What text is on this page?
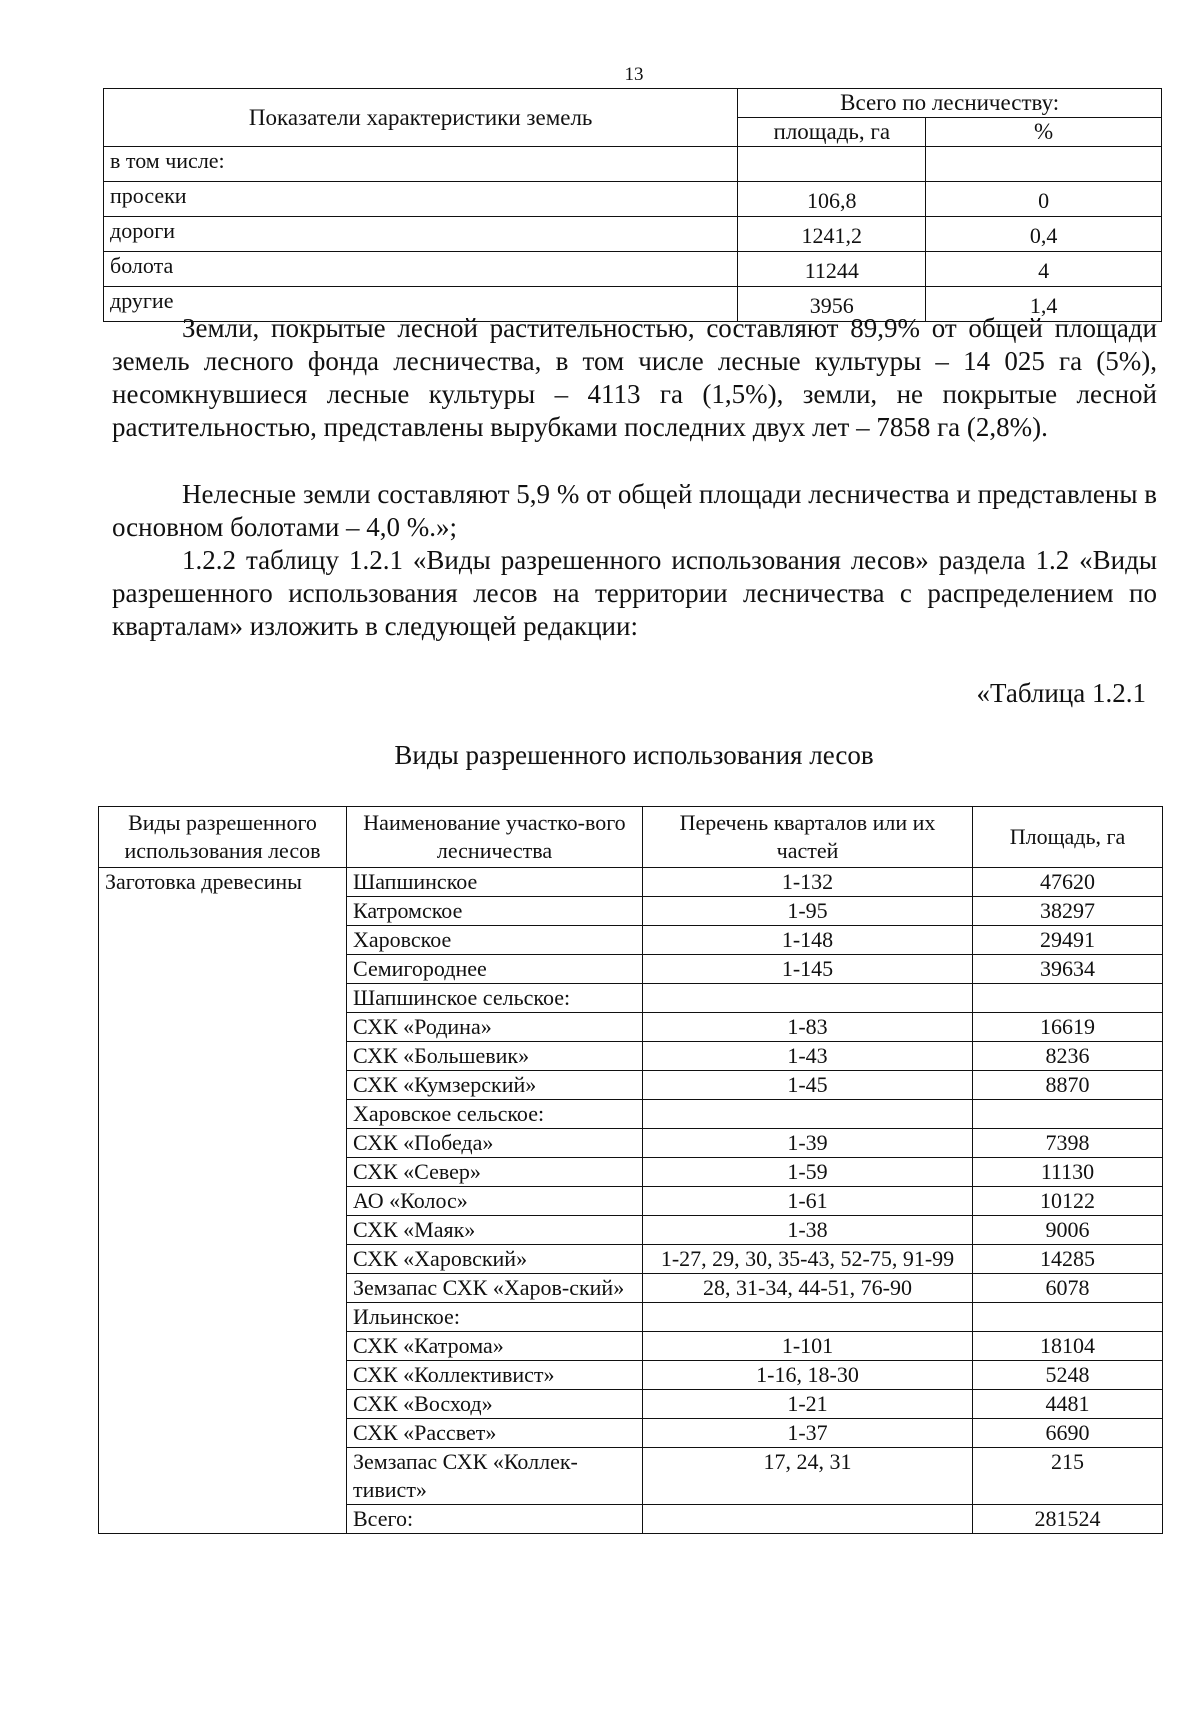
13
Показатели характеристики земель	Всего по лесничеству:	
	площадь, га	%
в том числе:		
просеки	106,8	0
дороги	1241,2	0,4
болота	11244	4
другие	3956	1,4

Земли, покрытые лесной растительностью, составляют 89,9% от общей площади земель лесного фонда лесничества, в том числе лесные культуры – 14 025 га (5%), несомкнувшиеся лесные культуры – 4113 га (1,5%), земли, не покрытые лесной растительностью, представлены вырубками последних двух лет – 7858 га (2,8%).

Нелесные земли составляют 5,9 % от общей площади лесничества и представлены в основном болотами – 4,0 %.»;

1.2.2 таблицу 1.2.1 «Виды разрешенного использования лесов» раздела 1.2 «Виды разрешенного использования лесов на территории лесничества с распределением по кварталам» изложить в следующей редакции:

«Таблица 1.2.1
Виды разрешенного использования лесов
Виды разрешенного использования лесов	Наименование участко-вого лесничества	Перечень кварталов или их частей	Площадь, га
Заготовка древесины	Шапшинское	1-132	47620
	Катромское	1-95	38297
	Харовское	1-148	29491
	Семигороднее	1-145	39634
	Шапшинское сельское:		
	СХК «Родина»	1-83	16619
	СХК «Большевик»	1-43	8236
	СХК «Кумзерский»	1-45	8870
	Харовское сельское:		
	СХК «Победа»	1-39	7398
	СХК «Север»	1-59	11130
	АО «Колос»	1-61	10122
	СХК «Маяк»	1-38	9006
	СХК «Харовский»	1-27, 29, 30, 35-43, 52-75, 91-99	14285
	Земзапас СХК «Харов-ский»	28, 31-34, 44-51, 76-90	6078
	Ильинское:		
	СХК «Катрома»	1-101	18104
	СХК «Коллективист»	1-16, 18-30	5248
	СХК «Восход»	1-21	4481
	СХК «Рассвет»	1-37	6690
	Земзапас СХК «Коллек-тивист»	17, 24, 31	215
	Всего:		281524
